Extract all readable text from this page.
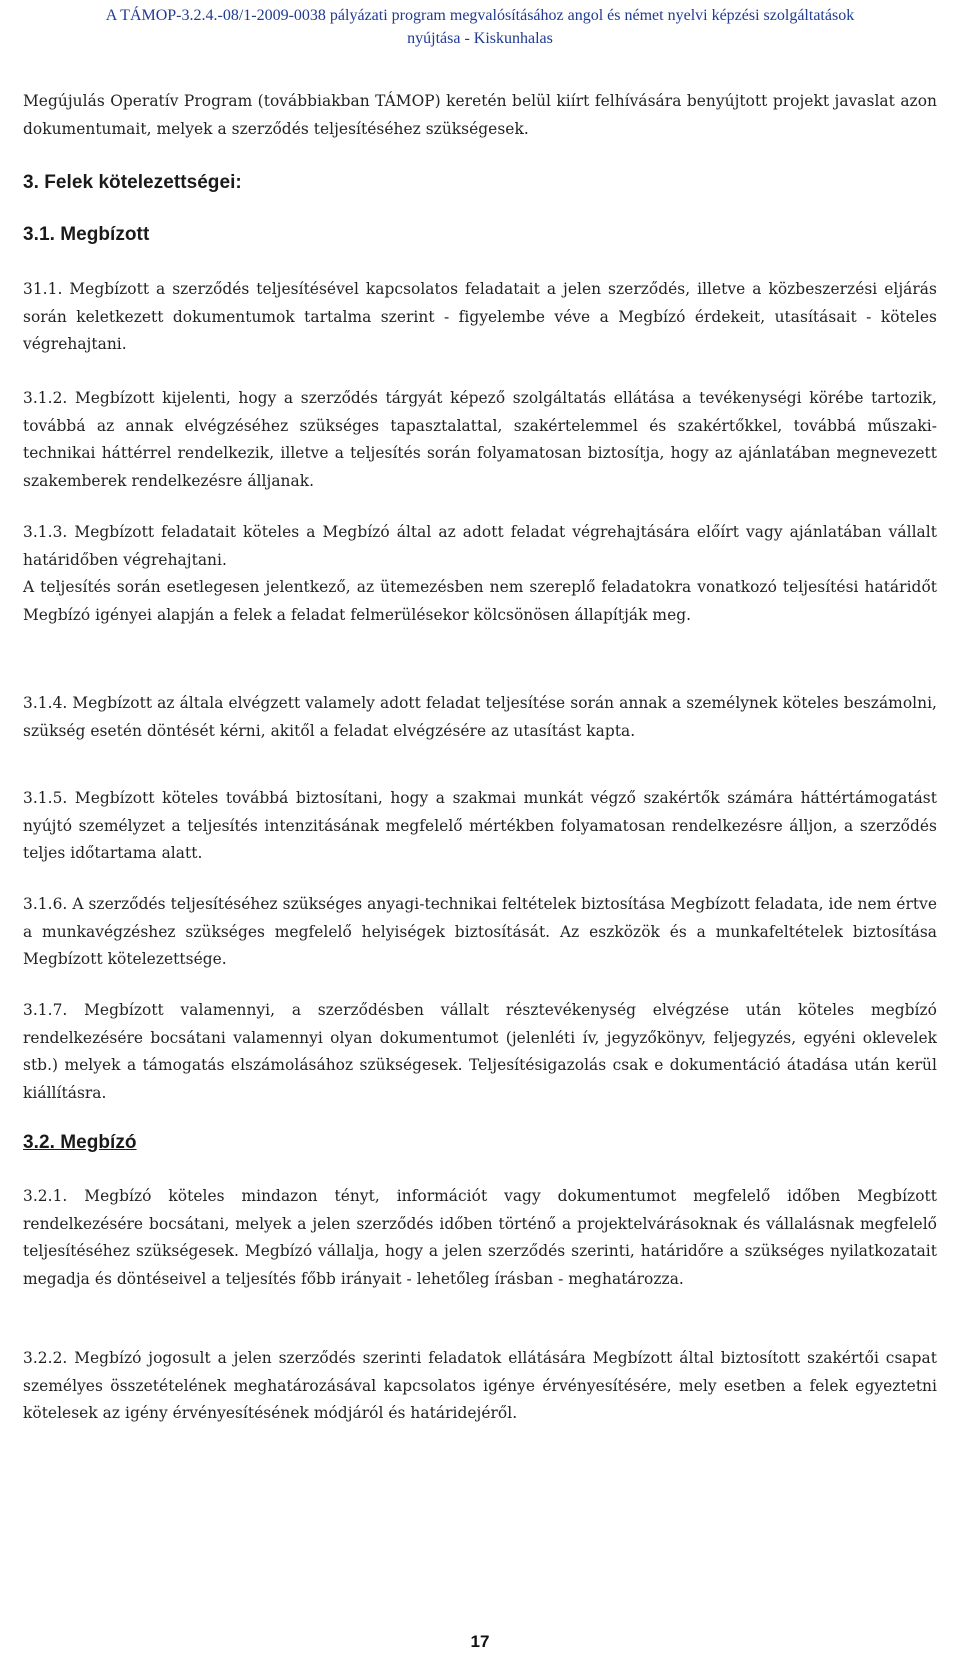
A TÁMOP-3.2.4.-08/1-2009-0038 pályázati program megvalósításához angol és német nyelvi képzési szolgáltatások
nyújtása - Kiskunhalas

Megújulás Operatív Program (továbbiakban TÁMOP) keretén belül kiírt felhívására benyújtott projekt javaslat azon dokumentumait, melyek a szerződés teljesítéséhez szükségesek.

3. Felek kötelezettségei:
3.1. Megbízott

31.1. Megbízott a szerződés teljesítésével kapcsolatos feladatait a jelen szerződés, illetve a közbeszerzési eljárás során keletkezett dokumentumok tartalma szerint - figyelembe véve a Megbízó érdekeit, utasításait - köteles végrehajtani.

3.1.2. Megbízott kijelenti, hogy a szerződés tárgyát képező szolgáltatás ellátása a tevékenységi körébe tartozik, továbbá az annak elvégzéséhez szükséges tapasztalattal, szakértelemmel és szakértőkkel, továbbá műszaki-technikai háttérrel rendelkezik, illetve a teljesítés során folyamatosan biztosítja, hogy az ajánlatában megnevezett szakemberek rendelkezésre álljanak.

3.1.3. Megbízott feladatait köteles a Megbízó által az adott feladat végrehajtására előírt vagy ajánlatában vállalt határidőben végrehajtani.

A teljesítés során esetlegesen jelentkező, az ütemezésben nem szereplő feladatokra vonatkozó teljesítési határidőt Megbízó igényei alapján a felek a feladat felmerülésekor kölcsönösen állapítják meg.

3.1.4. Megbízott az általa elvégzett valamely adott feladat teljesítése során annak a személynek köteles beszámolni, szükség esetén döntését kérni, akitől a feladat elvégzésére az utasítást kapta.

3.1.5. Megbízott köteles továbbá biztosítani, hogy a szakmai munkát végző szakértők számára háttértámogatást nyújtó személyzet a teljesítés intenzitásának megfelelő mértékben folyamatosan rendelkezésre álljon, a szerződés teljes időtartama alatt.

3.1.6. A szerződés teljesítéséhez szükséges anyagi-technikai feltételek biztosítása Megbízott feladata, ide nem értve a munkavégzéshez szükséges megfelelő helyiségek biztosítását. Az eszközök és a munkafeltételek biztosítása Megbízott kötelezettsége.

3.1.7. Megbízott valamennyi, a szerződésben vállalt résztevékenység elvégzése után köteles megbízó rendelkezésére bocsátani valamennyi olyan dokumentumot (jelenléti ív, jegyzőkönyv, feljegyzés, egyéni oklevelek stb.) melyek a támogatás elszámolásához szükségesek. Teljesítésigazolás csak e dokumentáció átadása után kerül kiállításra.

3.2. Megbízó

3.2.1. Megbízó köteles mindazon tényt, információt vagy dokumentumot megfelelő időben Megbízott rendelkezésére bocsátani, melyek a jelen szerződés időben történő a projektelvárásoknak és vállalásnak megfelelő teljesítéséhez szükségesek. Megbízó vállalja, hogy a jelen szerződés szerinti, határidőre a szükséges nyilatkozatait megadja és döntéseivel a teljesítés főbb irányait - lehetőleg írásban - meghatározza.

3.2.2. Megbízó jogosult a jelen szerződés szerinti feladatok ellátására Megbízott által biztosított szakértői csapat személyes összetételének meghatározásával kapcsolatos igénye érvényesítésére, mely esetben a felek egyeztetni kötelesek az igény érvényesítésének módjáról és határidejéről.

17
